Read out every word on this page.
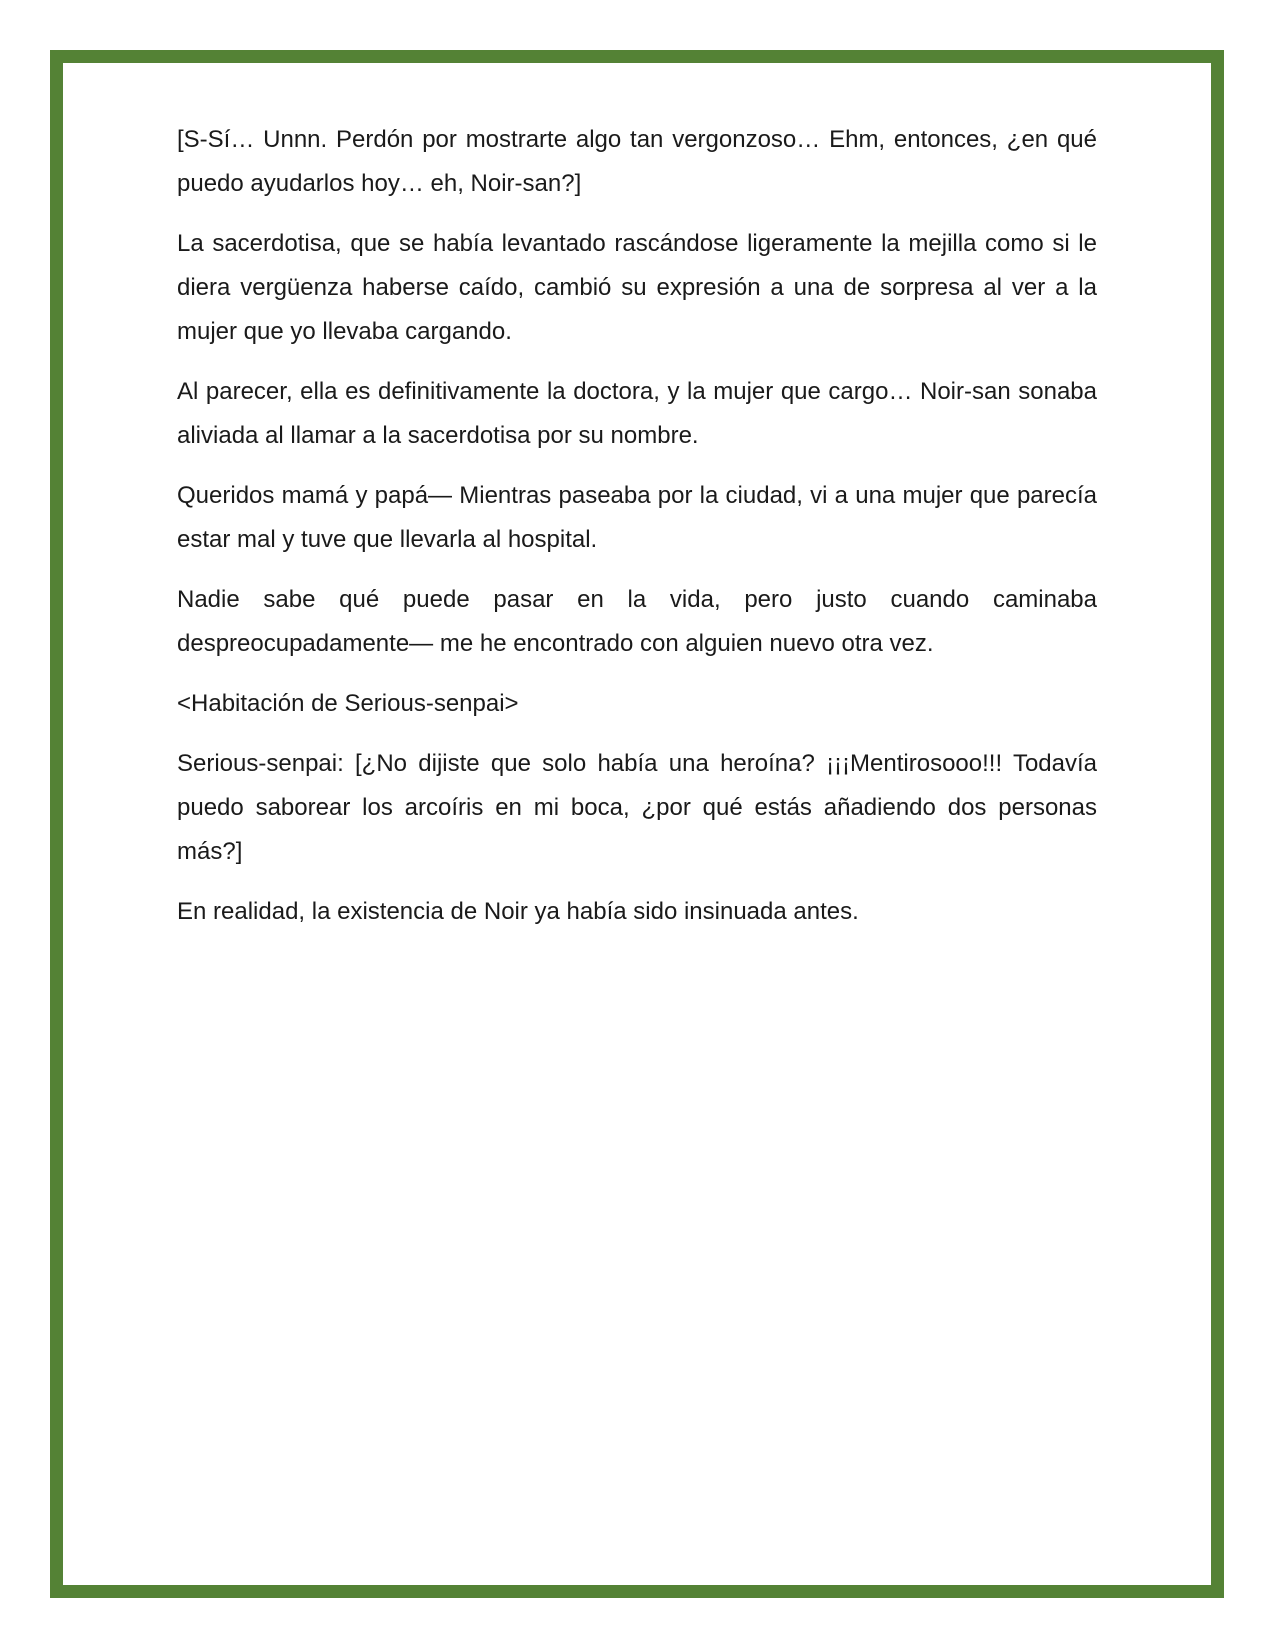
[S-Sí… Unnn. Perdón por mostrarte algo tan vergonzoso… Ehm, entonces, ¿en qué puedo ayudarlos hoy… eh, Noir-san?]

La sacerdotisa, que se había levantado rascándose ligeramente la mejilla como si le diera vergüenza haberse caído, cambió su expresión a una de sorpresa al ver a la mujer que yo llevaba cargando.

Al parecer, ella es definitivamente la doctora, y la mujer que cargo… Noir-san sonaba aliviada al llamar a la sacerdotisa por su nombre.

Queridos mamá y papá— Mientras paseaba por la ciudad, vi a una mujer que parecía estar mal y tuve que llevarla al hospital.

Nadie sabe qué puede pasar en la vida, pero justo cuando caminaba despreocupadamente— me he encontrado con alguien nuevo otra vez.

<Habitación de Serious-senpai>

Serious-senpai: [¿No dijiste que solo había una heroína? ¡¡¡Mentirosooo!!! Todavía puedo saborear los arcoíris en mi boca, ¿por qué estás añadiendo dos personas más?]

En realidad, la existencia de Noir ya había sido insinuada antes.
